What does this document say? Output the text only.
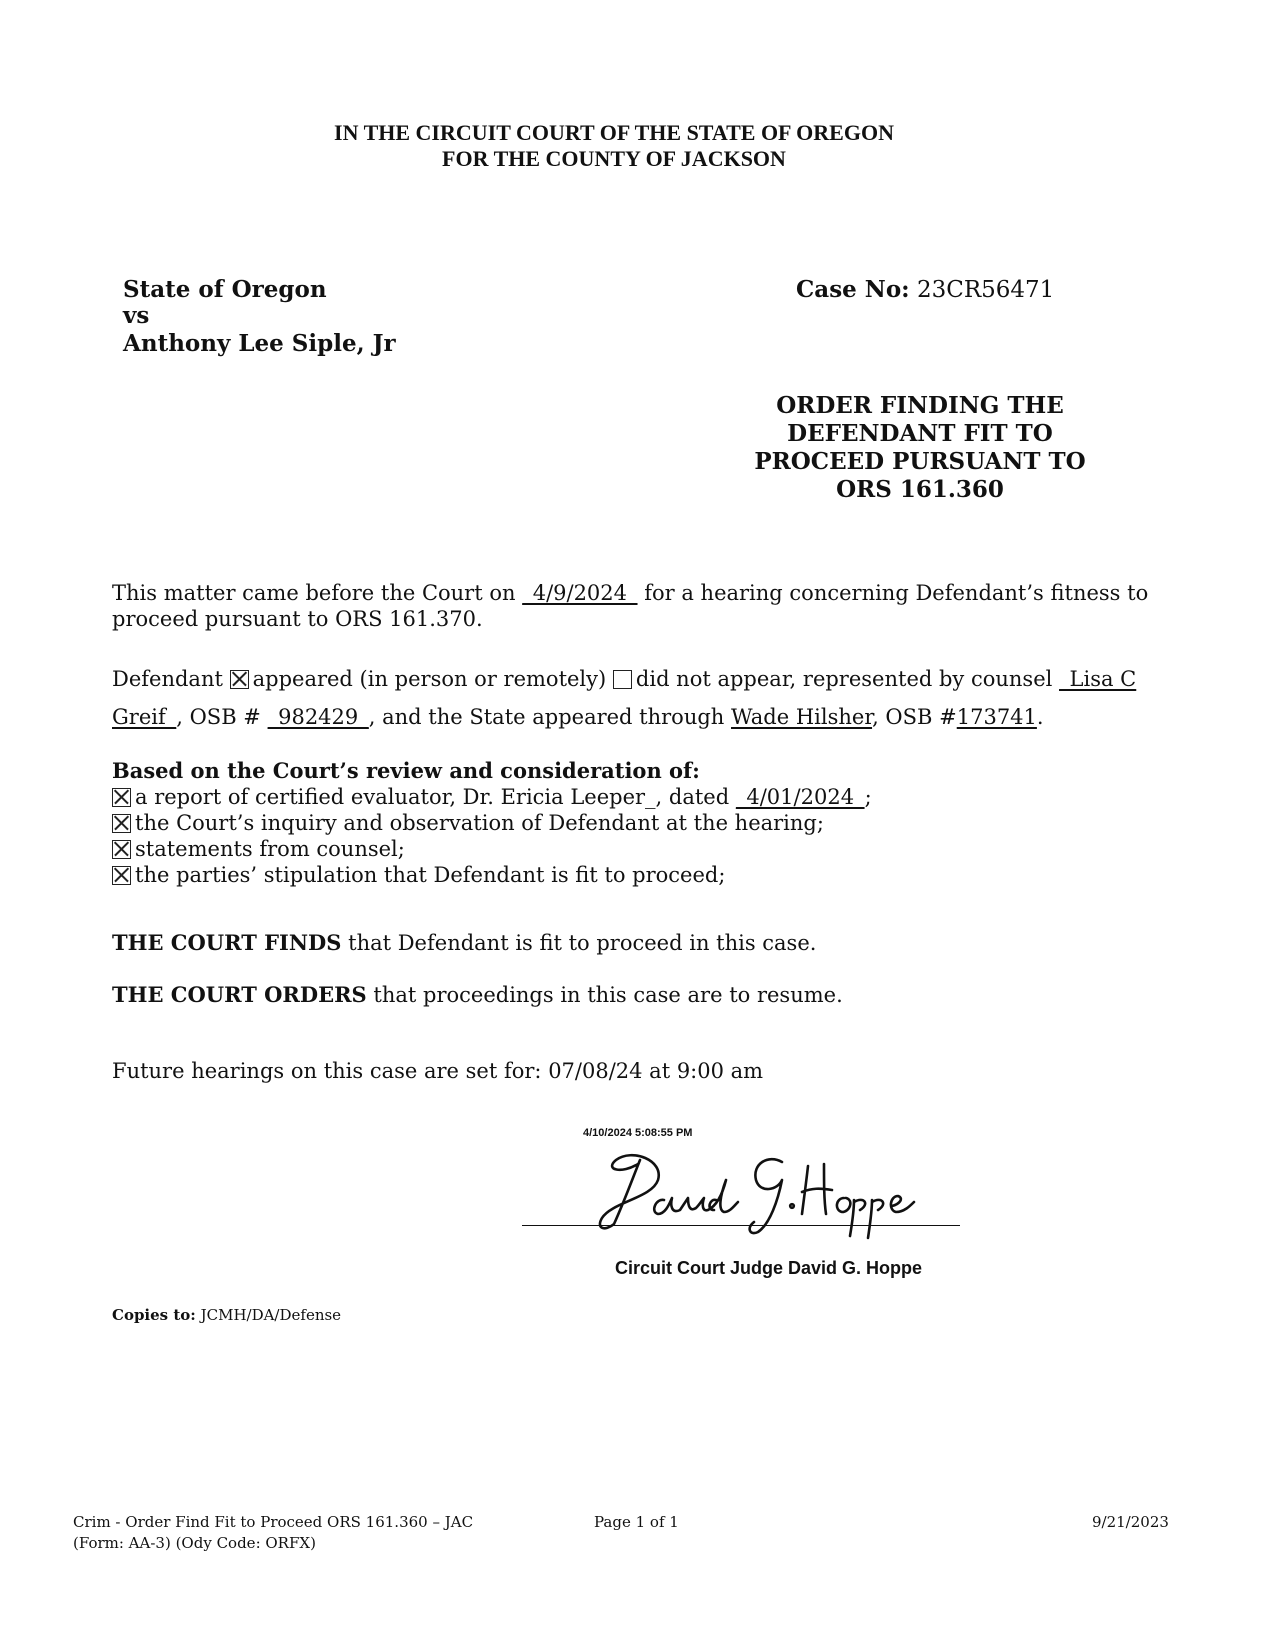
IN THE CIRCUIT COURT OF THE STATE OF OREGON
FOR THE COUNTY OF JACKSON
State of Oregon
vs
Anthony Lee Siple, Jr
Case No: 23CR56471
ORDER FINDING THE
DEFENDANT FIT TO
PROCEED PURSUANT TO
ORS 161.360
This matter came before the Court on _4/9/2024_ for a hearing concerning Defendant’s fitness to proceed pursuant to ORS 161.370.
Defendant appeared (in person or remotely) did not appear, represented by counsel _Lisa C Greif_, OSB # _982429_, and the State appeared through Wade Hilsher, OSB #173741.
Based on the Court’s review and consideration of:
a report of certified evaluator, Dr. Ericia Leeper_, dated _4/01/2024_;
the Court’s inquiry and observation of Defendant at the hearing;
statements from counsel;
the parties’ stipulation that Defendant is fit to proceed;
THE COURT FINDS that Defendant is fit to proceed in this case.
THE COURT ORDERS that proceedings in this case are to resume.
Future hearings on this case are set for: 07/08/24 at 9:00 am
4/10/2024 5:08:55 PM
Circuit Court Judge David G. Hoppe
Copies to: JCMH/DA/Defense
Crim - Order Find Fit to Proceed ORS 161.360 – JAC
(Form: AA-3) (Ody Code: ORFX)
Page 1 of 1	9/21/2023
